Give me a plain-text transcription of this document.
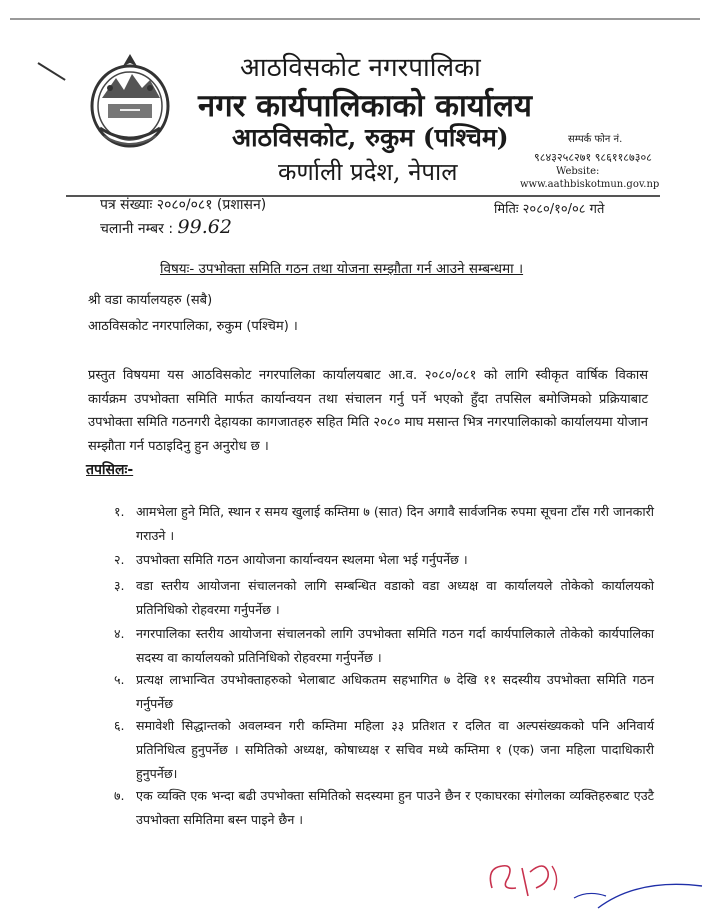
आठविसकोट नगरपालिका
नगर कार्यपालिकाको कार्यालय
आठविसकोट, रुकुम (पश्चिम)
कर्णाली प्रदेश, नेपाल
सम्पर्क फोन नं.
९८४३२५८२७१ ९८६११८७३०८
Website:
www.aathbiskotmun.gov.np
पत्र संख्याः २०८०/०८१ (प्रशासन)
चलानी नम्बर : 99.62
मितिः २०८०/१०/०८ गते
विषयः- उपभोक्ता समिति गठन तथा योजना सम्झौता गर्न आउने सम्बन्धमा ।
श्री वडा कार्यालयहरु (सबै)
आठविसकोट नगरपालिका, रुकुम (पश्चिम) ।
प्रस्तुत विषयमा यस आठविसकोट नगरपालिका कार्यालयबाट आ.व. २०८०/०८१ को लागि स्वीकृत वार्षिक विकास कार्यक्रम उपभोक्ता समिति मार्फत कार्यान्वयन तथा संचालन गर्नु पर्ने भएको हुँदा तपसिल बमोजिमको प्रक्रियाबाट उपभोक्ता समिति गठनगरी देहायका कागजातहरु सहित मिति २०८० माघ मसान्त भित्र नगरपालिकाको कार्यालयमा योजान सम्झौता गर्न पठाइदिनु हुन अनुरोध छ ।
तपसिलः-
१. आमभेला हुने मिति, स्थान र समय खुलाई कम्तिमा ७ (सात) दिन अगावै सार्वजनिक रुपमा सूचना टाँस गरी जानकारी गराउने ।
२. उपभोक्ता समिति गठन आयोजना कार्यान्वयन स्थलमा भेला भई गर्नुपर्नेछ ।
३. वडा स्तरीय आयोजना संचालनको लागि सम्बन्धित वडाको वडा अध्यक्ष वा कार्यालयले तोकेको कार्यालयको प्रतिनिधिको रोहवरमा गर्नुपर्नेछ ।
४. नगरपालिका स्तरीय आयोजना संचालनको लागि उपभोक्ता समिति गठन गर्दा कार्यपालिकाले तोकेको कार्यपालिका सदस्य वा कार्यालयको प्रतिनिधिको रोहवरमा गर्नुपर्नेछ ।
५. प्रत्यक्ष लाभान्वित उपभोक्ताहरुको भेलाबाट अधिकतम सहभागित ७ देखि ११ सदस्यीय उपभोक्ता समिति गठन गर्नुपर्नेछ
६. समावेशी सिद्धान्तको अवलम्वन गरी कम्तिमा महिला ३३ प्रतिशत र दलित वा अल्पसंख्यकको पनि अनिवार्य प्रतिनिधित्व हुनुपर्नेछ । समितिको अध्यक्ष, कोषाध्यक्ष र सचिव मध्ये कम्तिमा १ (एक) जना महिला पादाधिकारी हुनुपर्नेछ।
७. एक व्यक्ति एक भन्दा बढी उपभोक्ता समितिको सदस्यमा हुन पाउने छैन र एकाघरका संगोलका व्यक्तिहरुबाट एउटै उपभोक्ता समितिमा बस्न पाइने छैन ।
